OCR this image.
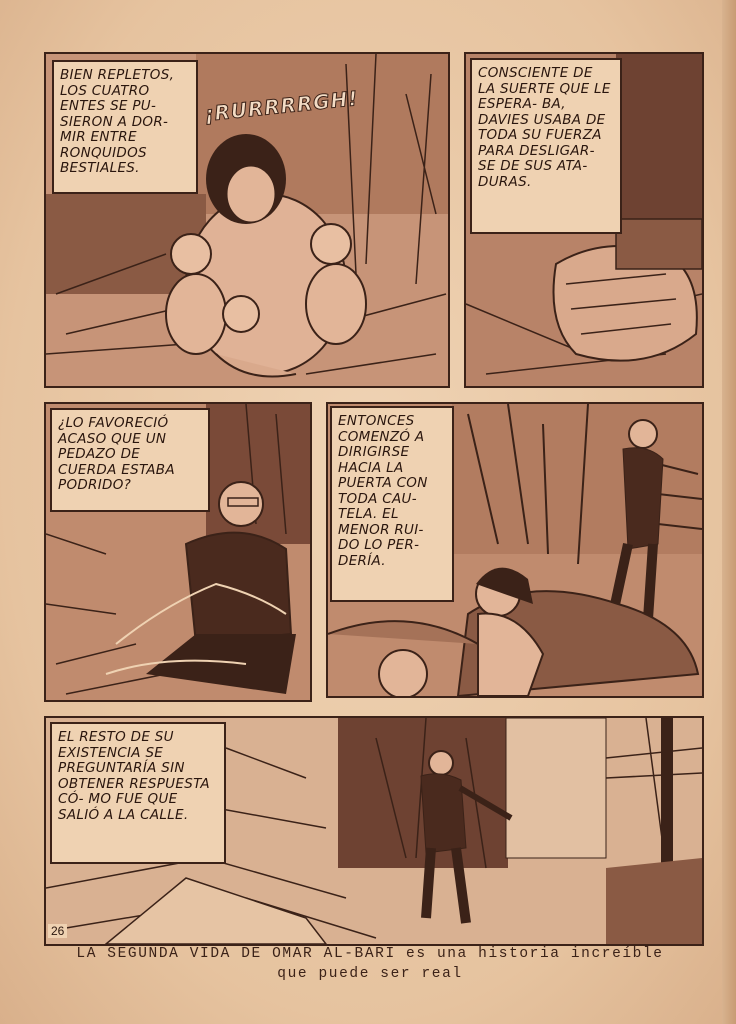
BIEN REPLETOS, LOS CUATRO ENTES SE PU- SIERON A DOR- MIR ENTRE RONQUIDOS BESTIALES.
¡RURRRRGH!
CONSCIENTE DE LA SUERTE QUE LE ESPERA- BA, DAVIES USABA DE TODA SU FUERZA PARA DESLIGAR- SE DE SUS ATA- DURAS.
¿LO FAVORECIÓ ACASO QUE UN PEDAZO DE CUERDA ESTABA PODRIDO?
ENTONCES COMENZÓ A DIRIGIRSE HACIA LA PUERTA CON TODA CAU- TELA. EL MENOR RUI- DO LO PER- DERÍA.
EL RESTO DE SU EXISTENCIA SE PREGUNTARÍA SIN OBTENER RESPUESTA CÓ- MO FUE QUE SALIÓ A LA CALLE.
26
LA SEGUNDA VIDA DE OMAR AL-BARI es una historia increíble
que puede ser real
